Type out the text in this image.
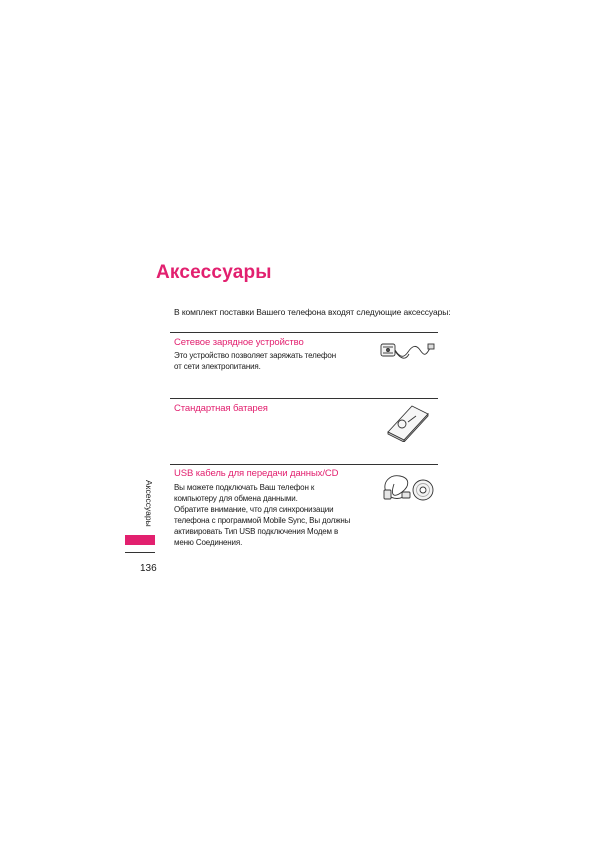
Аксессуары
В комплект поставки Вашего телефона входят следующие аксессуары:
Сетевое зарядное устройство
Это устройство позволяет заряжать телефон
от сети электропитания.
Стандартная батарея
USB кабель для передачи данных/CD
Вы можете подключать Ваш телефон к
компьютеру для обмена данными.
Обратите внимание, что для синхронизации
телефона с программой Mobile Sync, Вы должны
активировать Тип USB подключения Модем в
меню Соединения.
Аксессуары
136
